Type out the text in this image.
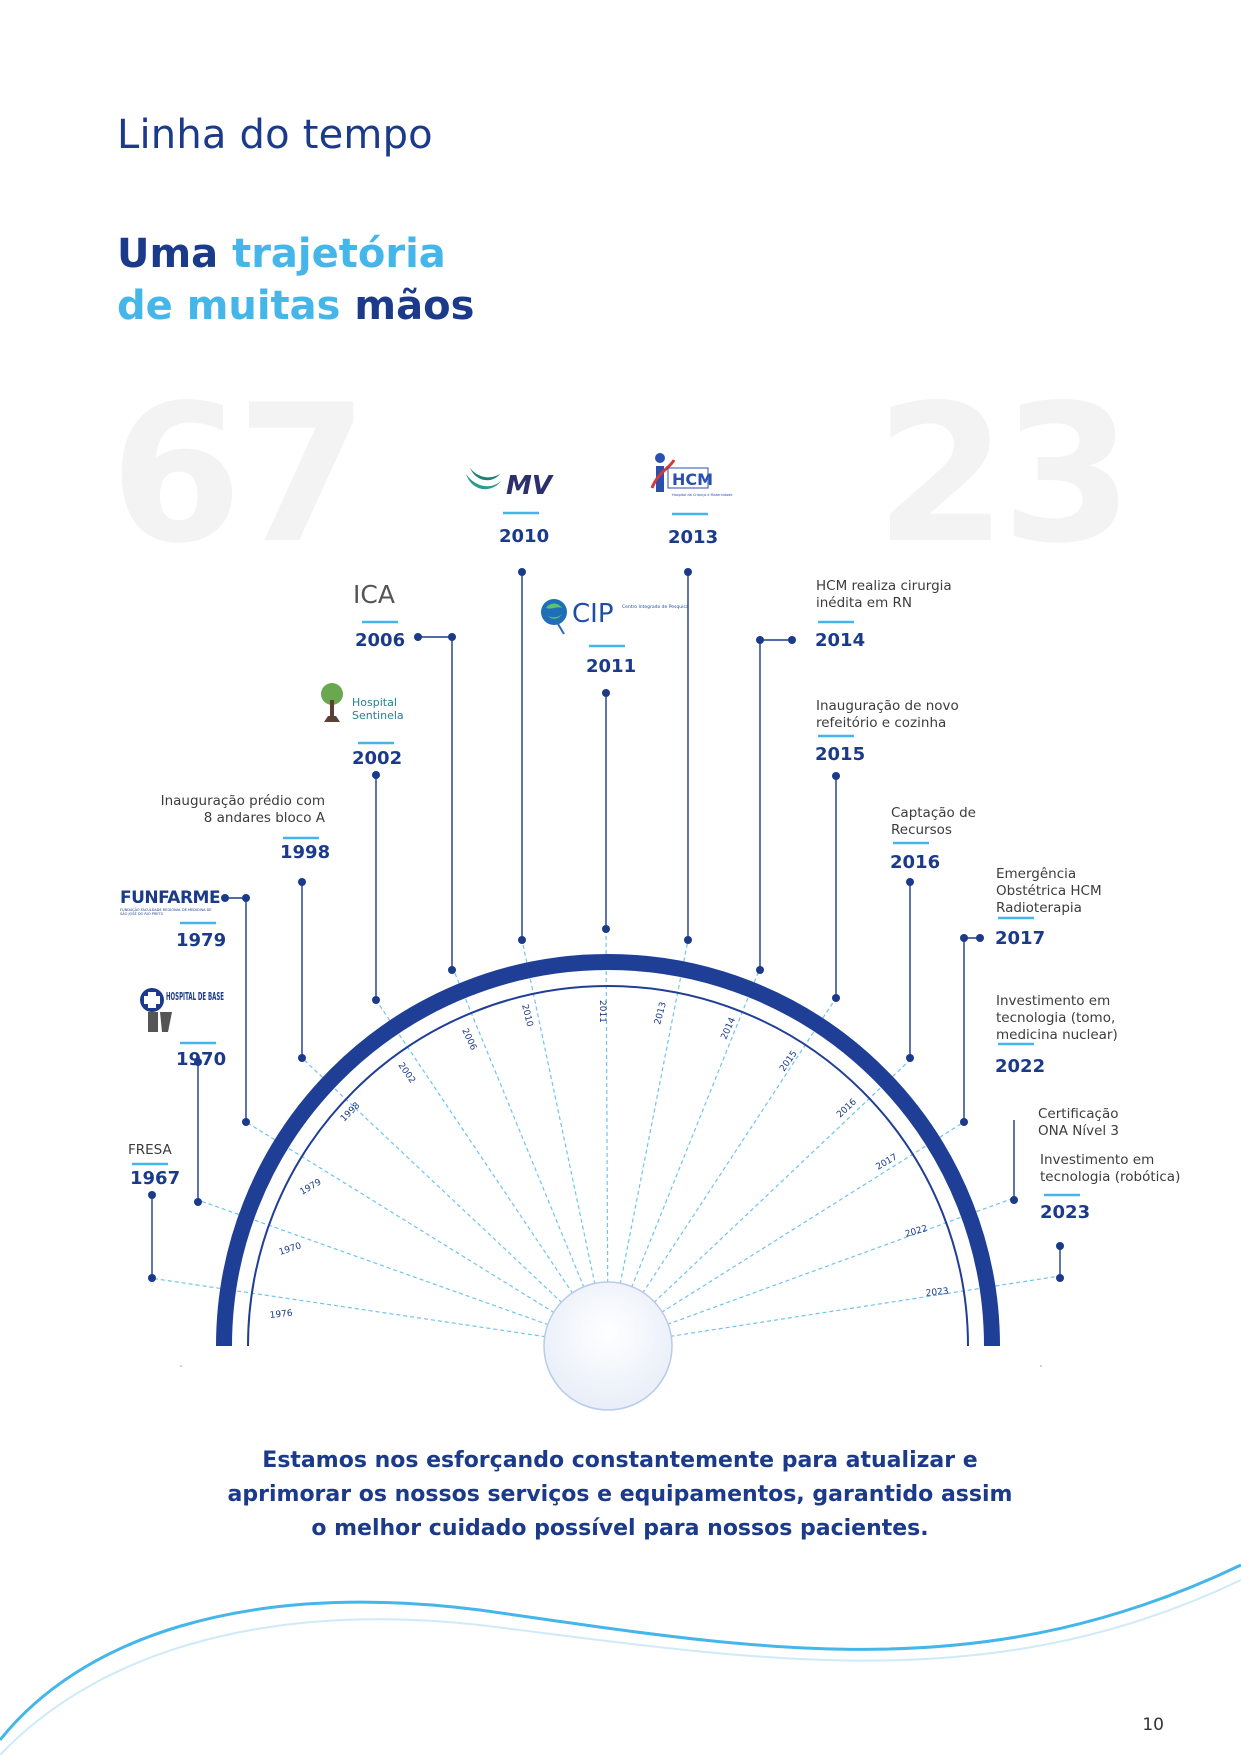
67	23
Linha do tempo
Uma trajetória
de muitas mãos
1976
1970
1979
1998
2002
2006
2010	2011	2013
2014
2015
2016
2017
2022
2023
MV	HCM
Hospital da Criança e Maternidade
ICA
CIP Centro Integrado de Pesquisa
Hospital
Sentinela
FUNFARME
FUNDAÇÃO FACULDADE REGIONAL DE MEDICINA DE SÃO JOSÉ DO RIO PRETO
HOSPITAL DE BASE
1967
1970
1979
1998
2002
2006
2010
2011
2013
2014
2015
2016
2017
2022
2023
FRESA
Inauguração prédio com 8 andares bloco A
HCM realiza cirurgia inédita em RN
Inauguração de novo refeitório e cozinha
Captação de Recursos
Emergência Obstétrica HCM Radioterapia
Investimento em tecnologia (tomo, medicina nuclear)
Certificação ONA Nível 3
Investimento em tecnologia (robótica)
Estamos nos esforçando constantemente para atualizar e
aprimorar os nossos serviços e equipamentos, garantido assim
o melhor cuidado possível para nossos pacientes.
10
